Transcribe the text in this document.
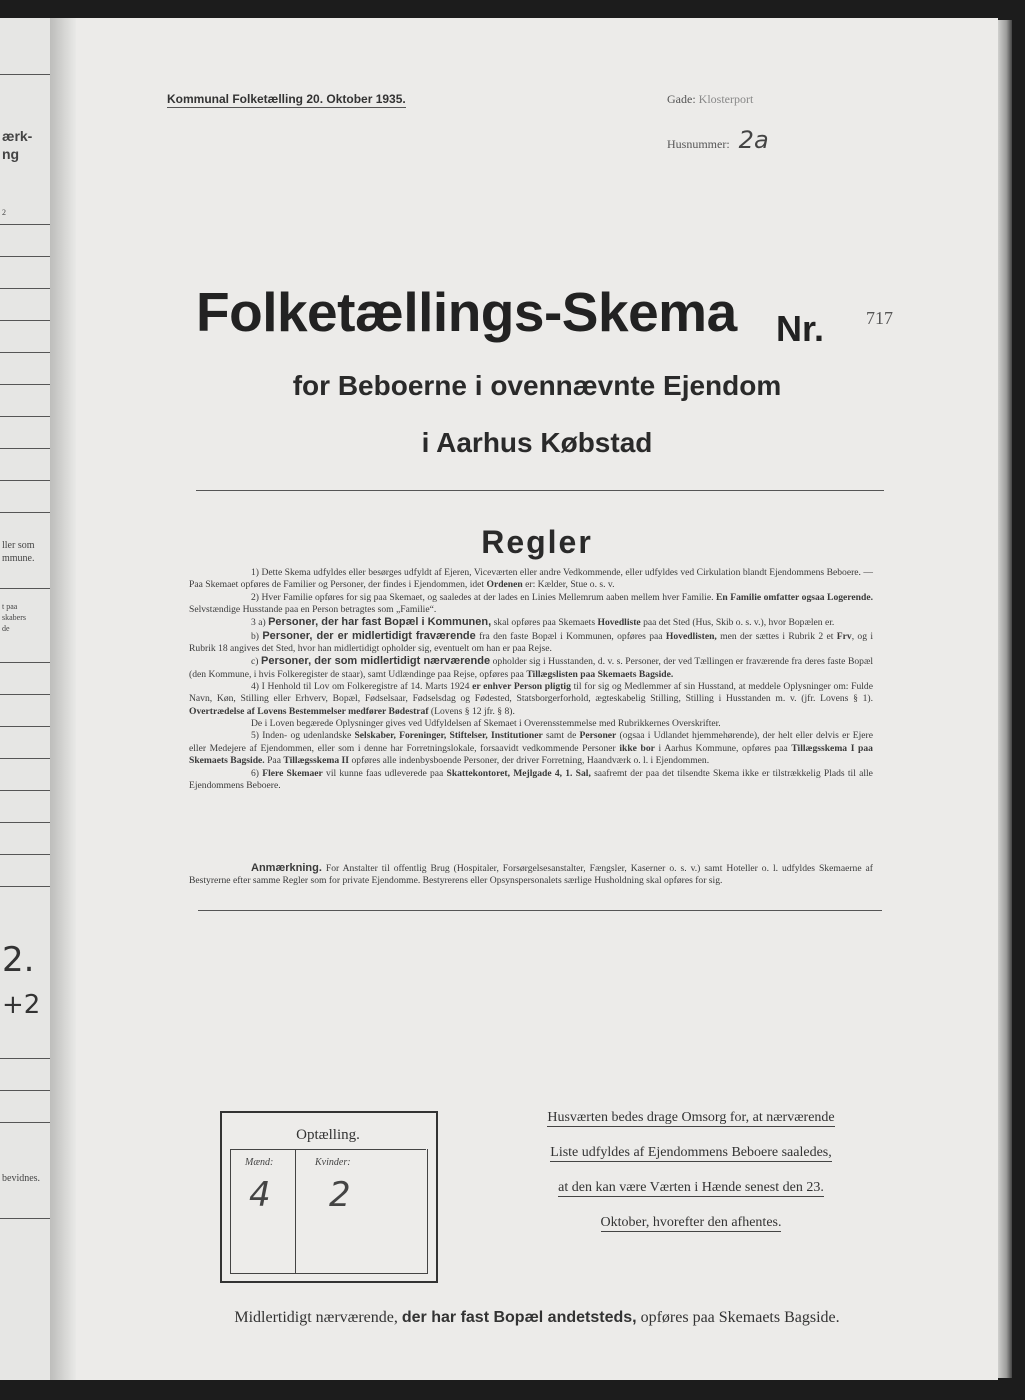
ærk-
ng
2
ller som
mmune.
t paa
skabers
de
2.
+2
bevidnes.
Kommunal Folketælling 20. Oktober 1935.	Gade: Klosterport
Husnummer: 2a
Folketællings-Skema Nr. 717
for Beboerne i ovennævnte Ejendom
i Aarhus Købstad
Regler

1) Dette Skema udfyldes eller besørges udfyldt af Ejeren, Viceværten eller andre Vedkommende, eller udfyldes ved Cirkulation blandt Ejendommens Beboere. — Paa Skemaet opføres de Familier og Personer, der findes i Ejendommen, idet Ordenen er: Kælder, Stue o. s. v.

2) Hver Familie opføres for sig paa Skemaet, og saaledes at der lades en Linies Mellemrum aaben mellem hver Familie. En Familie omfatter ogsaa Logerende. Selvstændige Husstande paa en Person betragtes som „Familie“.

3 a) Personer, der har fast Bopæl i Kommunen, skal opføres paa Skemaets Hovedliste paa det Sted (Hus, Skib o. s. v.), hvor Bopælen er.

b) Personer, der er midlertidigt fraværende fra den faste Bopæl i Kommunen, opføres paa Hovedlisten, men der sættes i Rubrik 2 et Frv, og i Rubrik 18 angives det Sted, hvor han midlertidigt opholder sig, eventuelt om han er paa Rejse.

c) Personer, der som midlertidigt nærværende opholder sig i Husstanden, d. v. s. Personer, der ved Tællingen er fraværende fra deres faste Bopæl (den Kommune, i hvis Folkeregister de staar), samt Udlændinge paa Rejse, opføres paa Tillægslisten paa Skemaets Bagside.

4) I Henhold til Lov om Folkeregistre af 14. Marts 1924 er enhver Person pligtig til for sig og Medlemmer af sin Husstand, at meddele Oplysninger om: Fulde Navn, Køn, Stilling eller Erhverv, Bopæl, Fødselsaar, Fødselsdag og Fødested, Statsborgerforhold, ægteskabelig Stilling, Stilling i Husstanden m. v. (jfr. Lovens § 1). Overtrædelse af Lovens Bestemmelser medfører Bødestraf (Lovens § 12 jfr. § 8).

De i Loven begærede Oplysninger gives ved Udfyldelsen af Skemaet i Overensstemmelse med Rubrikkernes Overskrifter.

5) Inden- og udenlandske Selskaber, Foreninger, Stiftelser, Institutioner samt de Personer (ogsaa i Udlandet hjemmehørende), der helt eller delvis er Ejere eller Medejere af Ejendommen, eller som i denne har Forretningslokale, forsaavidt vedkommende Personer ikke bor i Aarhus Kommune, opføres paa Tillægsskema I paa Skemaets Bagside. Paa Tillægsskema II opføres alle indenbysboende Personer, der driver Forretning, Haandværk o. l. i Ejendommen.

6) Flere Skemaer vil kunne faas udleverede paa Skattekontoret, Mejlgade 4, 1. Sal, saafremt der paa det tilsendte Skema ikke er tilstrækkelig Plads til alle Ejendommens Beboere.

Anmærkning. For Anstalter til offentlig Brug (Hospitaler, Forsørgelsesanstalter, Fængsler, Kaserner o. s. v.) samt Hoteller o. l. udfyldes Skemaerne af Bestyrerne efter samme Regler som for private Ejendomme. Bestyrerens eller Opsynspersonalets særlige Husholdning skal opføres for sig.

Optælling.
Mænd:	Kvinder:
4 2
Husværten bedes drage Omsorg for, at nærværende
Liste udfyldes af Ejendommens Beboere saaledes,
at den kan være Værten i Hænde senest den 23.
Oktober, hvorefter den afhentes.
Midlertidigt nærværende, der har fast Bopæl andetsteds, opføres paa Skemaets Bagside.
